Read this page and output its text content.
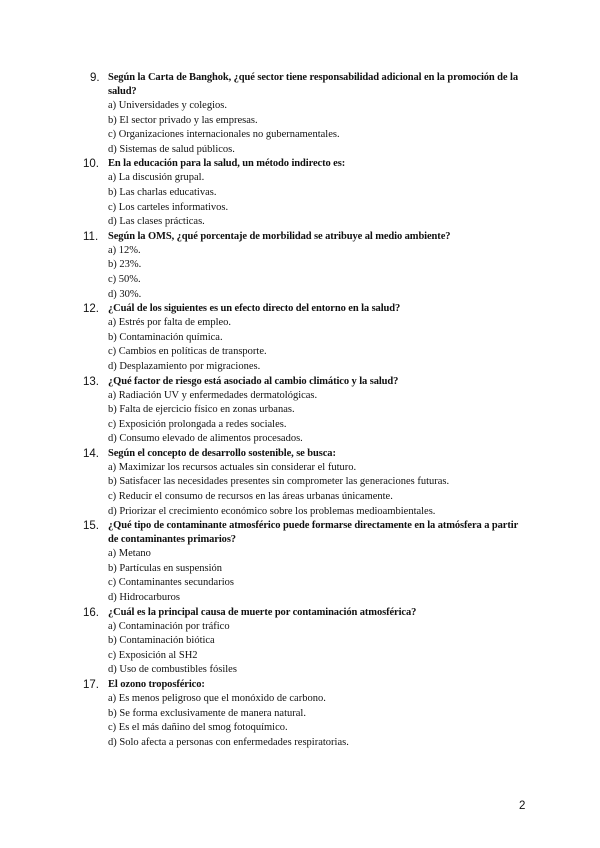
9. Según la Carta de Banghok, ¿qué sector tiene responsabilidad adicional en la promoción de la salud?

a) Universidades y colegios.
b) El sector privado y las empresas.
c) Organizaciones internacionales no gubernamentales.
d) Sistemas de salud públicos.
10. En la educación para la salud, un método indirecto es:

a) La discusión grupal.
b) Las charlas educativas.
c) Los carteles informativos.
d) Las clases prácticas.
11. Según la OMS, ¿qué porcentaje de morbilidad se atribuye al medio ambiente?

a) 12%.
b) 23%.
c) 50%.
d) 30%.
12. ¿Cuál de los siguientes es un efecto directo del entorno en la salud?

a) Estrés por falta de empleo.
b) Contaminación química.
c) Cambios en políticas de transporte.
d) Desplazamiento por migraciones.
13. ¿Qué factor de riesgo está asociado al cambio climático y la salud?

a) Radiación UV y enfermedades dermatológicas.
b) Falta de ejercicio físico en zonas urbanas.
c) Exposición prolongada a redes sociales.
d) Consumo elevado de alimentos procesados.
14. Según el concepto de desarrollo sostenible, se busca:

a) Maximizar los recursos actuales sin considerar el futuro.
b) Satisfacer las necesidades presentes sin comprometer las generaciones futuras.
c) Reducir el consumo de recursos en las áreas urbanas únicamente.
d) Priorizar el crecimiento económico sobre los problemas medioambientales.
15. ¿Qué tipo de contaminante atmosférico puede formarse directamente en la atmósfera a partir de contaminantes primarios?

a) Metano
b) Partículas en suspensión
c) Contaminantes secundarios
d) Hidrocarburos
16. ¿Cuál es la principal causa de muerte por contaminación atmosférica?

a) Contaminación por tráfico
b) Contaminación biótica
c) Exposición al SH2
d) Uso de combustibles fósiles
17. El ozono troposférico:

a) Es menos peligroso que el monóxido de carbono.
b) Se forma exclusivamente de manera natural.
c) Es el más dañino del smog fotoquímico.
d) Solo afecta a personas con enfermedades respiratorias.
2
